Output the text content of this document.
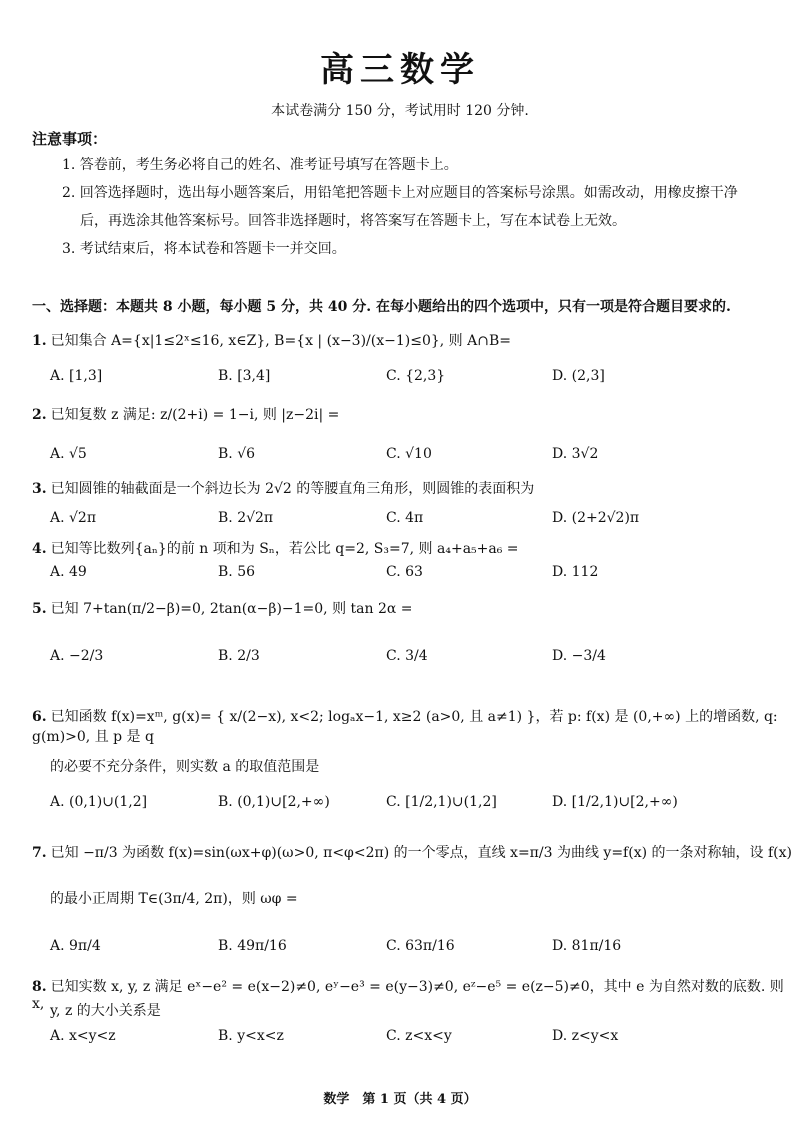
高三数学
本试卷满分 150 分，考试用时 120 分钟.
注意事项：
1. 答卷前，考生务必将自己的姓名、准考证号填写在答题卡上。
2. 回答选择题时，选出每小题答案后，用铅笔把答题卡上对应题目的答案标号涂黑。如需改动，用橡皮擦干净
后，再选涂其他答案标号。回答非选择题时，将答案写在答题卡上，写在本试卷上无效。
3. 考试结束后，将本试卷和答题卡一并交回。
一、选择题：本题共 8 小题，每小题 5 分，共 40 分. 在每小题给出的四个选项中，只有一项是符合题目要求的.
1. 已知集合 A={x|1≤2ˣ≤16, x∈Z}, B={x | (x−3)/(x−1)≤0}, 则 A∩B=
A. [1,3]	B. [3,4]	C. {2,3}	D. (2,3]
2. 已知复数 z 满足: z/(2+i) = 1−i, 则 |z−2i| =
A. √5	B. √6	C. √10	D. 3√2
3. 已知圆锥的轴截面是一个斜边长为 2√2 的等腰直角三角形，则圆锥的表面积为
A. √2π	B. 2√2π	C. 4π	D. (2+2√2)π
4. 已知等比数列{aₙ}的前 n 项和为 Sₙ，若公比 q=2, S₃=7, 则 a₄+a₅+a₆ =
A. 49	B. 56	C. 63	D. 112
5. 已知 7+tan(π/2−β)=0, 2tan(α−β)−1=0, 则 tan 2α =
A. −2/3	B. 2/3	C. 3/4	D. −3/4
6. 已知函数 f(x)=xᵐ, g(x)= { x/(2−x), x<2; logₐx−1, x≥2 (a>0, 且 a≠1) }，若 p: f(x) 是 (0,+∞) 上的增函数, q: g(m)>0, 且 p 是 q
的必要不充分条件，则实数 a 的取值范围是
A. (0,1)∪(1,2]	B. (0,1)∪[2,+∞)	C. [1/2,1)∪(1,2]	D. [1/2,1)∪[2,+∞)
7. 已知 −π/3 为函数 f(x)=sin(ωx+φ)(ω>0, π<φ<2π) 的一个零点，直线 x=π/3 为曲线 y=f(x) 的一条对称轴，设 f(x)
的最小正周期 T∈(3π/4, 2π)，则 ωφ =
A. 9π/4	B. 49π/16	C. 63π/16	D. 81π/16
8. 已知实数 x, y, z 满足 eˣ−e² = e(x−2)≠0, eʸ−e³ = e(y−3)≠0, eᶻ−e⁵ = e(z−5)≠0，其中 e 为自然对数的底数. 则 x, y, z 的大小关系是
A. x<y<z	B. y<x<z	C. z<x<y	D. z<y<x
数学　第 1 页（共 4 页）
